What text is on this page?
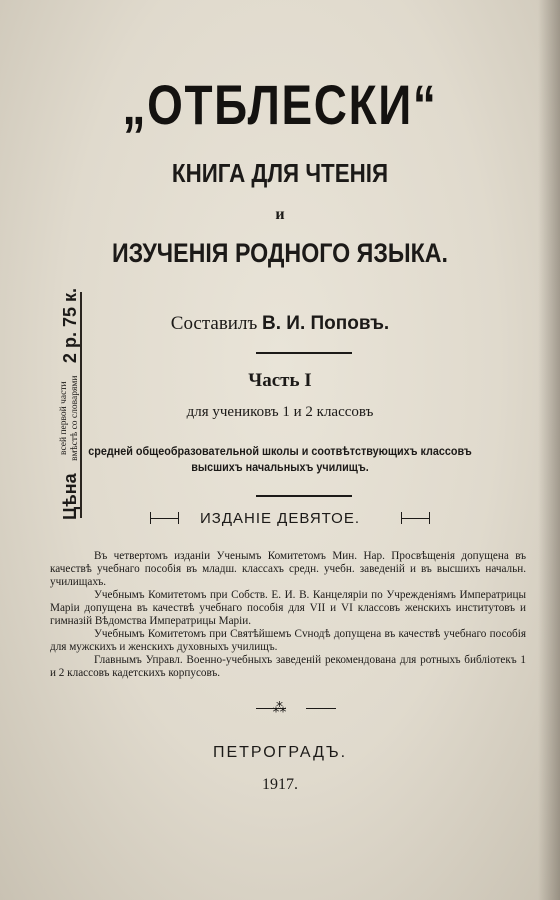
„ОТБЛЕСКИ“
КНИГА ДЛЯ ЧТЕНIЯ
и
ИЗУЧЕНIЯ РОДНОГО ЯЗЫКА.
Составилъ В. И. Поповъ.
Часть I
для учениковъ 1 и 2 классовъ
средней общеобразовательной школы и соотвѣтствующихъ классовъ
высшихъ начальныхъ училищъ.
ИЗДАНIЕ ДЕВЯТОЕ.

Въ четвертомъ изданiи Ученымъ Комитетомъ Мин. Нар. Просвѣщенiя допущена въ качествѣ учебнаго пособiя въ младш. классахъ средн. учебн. заведенiй и въ высшихъ начальн. училищахъ.

Учебнымъ Комитетомъ при Собств. Е. И. В. Канцелярiи по Учрежденiямъ Императрицы Марiи допущена въ качествѣ учебнаго пособiя для VII и VI классовъ женскихъ институтовъ и гимназiй Вѣдомства Императрицы Марiи.

Учебнымъ Комитетомъ при Святѣйшемъ Сvнодѣ допущена въ качествѣ учебнаго пособiя для мужскихъ и женскихъ духовныхъ училищъ.

Главнымъ Управл. Военно-учебныхъ заведенiй рекомендована для ротныхъ библiотекъ 1 и 2 классовъ кадетскихъ корпусовъ.

⁂
ПЕТРОГРАДЪ.
1917.
Цѣна
всей первой части вмѣстѣ со словарями
2 р. 75 к.
